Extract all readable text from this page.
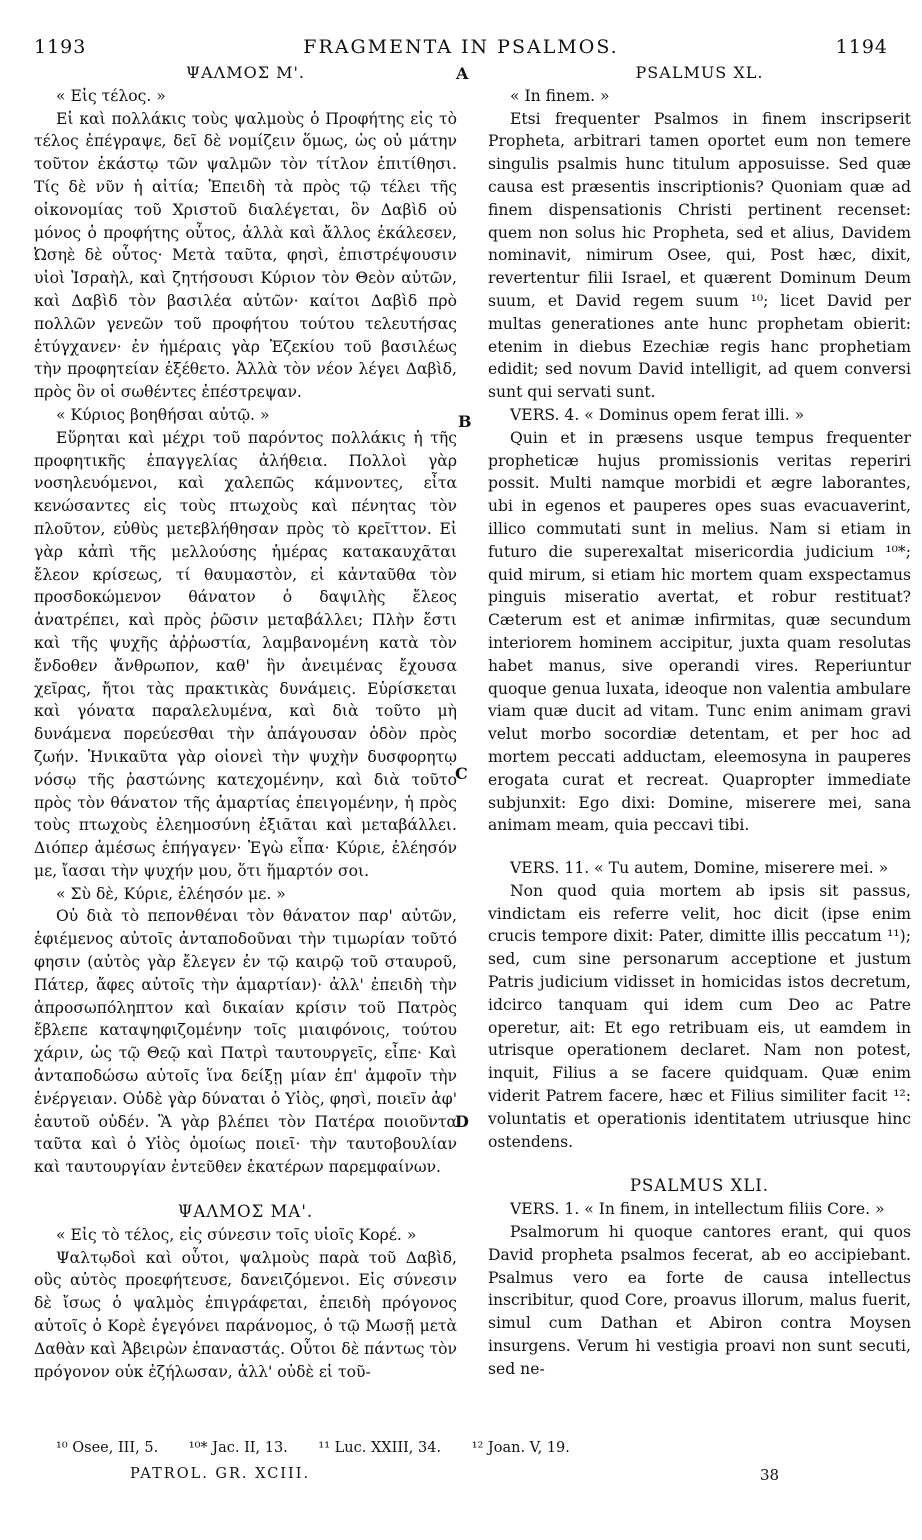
1193	FRAGMENTA IN PSALMOS.	1194

ΨΑΛΜΟΣ Μ'.

« Εἰς τέλος. »

Εἰ καὶ πολλάκις τοὺς ψαλμοὺς ὁ Προφήτης εἰς τὸ τέλος ἐπέγραψε, δεῖ δὲ νομίζειν ὅμως, ὡς οὐ μάτην τοῦτον ἑκάστῳ τῶν ψαλμῶν τὸν τίτλον ἐπιτίθησι. Τίς δὲ νῦν ἡ αἰτία; Ἐπειδὴ τὰ πρὸς τῷ τέλει τῆς οἰκονομίας τοῦ Χριστοῦ διαλέγεται, ὃν Δαβὶδ οὐ μόνος ὁ προφήτης οὗτος, ἀλλὰ καὶ ἄλλος ἐκάλεσεν, Ὠσηὲ δὲ οὗτος· Μετὰ ταῦτα, φησὶ, ἐπιστρέψουσιν υἱοὶ Ἰσραὴλ, καὶ ζητήσουσι Κύριον τὸν Θεὸν αὐτῶν, καὶ Δαβὶδ τὸν βασιλέα αὐτῶν· καίτοι Δαβὶδ πρὸ πολλῶν γενεῶν τοῦ προφήτου τούτου τελευτήσας ἐτύγχανεν· ἐν ἡμέραις γὰρ Ἐζεκίου τοῦ βασιλέως τὴν προφητείαν ἐξέθετο. Ἀλλὰ τὸν νέον λέγει Δαβὶδ, πρὸς ὃν οἱ σωθέντες ἐπέστρεψαν.

« Κύριος βοηθήσαι αὐτῷ. »

Εὕρηται καὶ μέχρι τοῦ παρόντος πολλάκις ἡ τῆς προφητικῆς ἐπαγγελίας ἀλήθεια. Πολλοὶ γὰρ νοσηλευόμενοι, καὶ χαλεπῶς κάμνοντες, εἶτα κενώσαντες εἰς τοὺς πτωχοὺς καὶ πένητας τὸν πλοῦτον, εὐθὺς μετεβλήθησαν πρὸς τὸ κρεῖττον. Εἰ γὰρ κἀπὶ τῆς μελλούσης ἡμέρας κατακαυχᾶται ἔλεον κρίσεως, τί θαυμαστὸν, εἰ κἀνταῦθα τὸν προσδοκώμενον θάνατον ὁ δαψιλὴς ἔλεος ἀνατρέπει, καὶ πρὸς ῥῶσιν μεταβάλλει; Πλὴν ἔστι καὶ τῆς ψυχῆς ἀῤῥωστία, λαμβανομένη κατὰ τὸν ἔνδοθεν ἄνθρωπον, καθ' ἣν ἀνειμένας ἔχουσα χεῖρας, ἤτοι τὰς πρακτικὰς δυνάμεις. Εὑρίσκεται καὶ γόνατα παραλελυμένα, καὶ διὰ τοῦτο μὴ δυνάμενα πορεύεσθαι τὴν ἀπάγουσαν ὁδὸν πρὸς ζωήν. Ἡνικαῦτα γὰρ οἱονεὶ τὴν ψυχὴν δυσφορητῳ νόσῳ τῆς ῥαστώνης κατεχομένην, καὶ διὰ τοῦτο πρὸς τὸν θάνατον τῆς ἁμαρτίας ἐπειγομένην, ἡ πρὸς τοὺς πτωχοὺς ἐλεημοσύνη ἐξιᾶται καὶ μεταβάλλει. Διόπερ ἀμέσως ἐπήγαγεν· Ἐγὼ εἶπα· Κύριε, ἐλέησόν με, ἴασαι τὴν ψυχήν μου, ὅτι ἥμαρτόν σοι.

« Σὺ δὲ, Κύριε, ἐλέησόν με. »

Οὐ διὰ τὸ πεπονθέναι τὸν θάνατον παρ' αὐτῶν, ἐφιέμενος αὐτοῖς ἀνταποδοῦναι τὴν τιμωρίαν τοῦτό φησιν (αὐτὸς γὰρ ἔλεγεν ἐν τῷ καιρῷ τοῦ σταυροῦ, Πάτερ, ἄφες αὐτοῖς τὴν ἁμαρτίαν)· ἀλλ' ἐπειδὴ τὴν ἀπροσωπόληπτον καὶ δικαίαν κρίσιν τοῦ Πατρὸς ἔβλεπε καταψηφιζομένην τοῖς μιαιφόνοις, τούτου χάριν, ὡς τῷ Θεῷ καὶ Πατρὶ ταυτουργεῖς, εἶπε· Καὶ ἀνταποδώσω αὐτοῖς ἵνα δείξῃ μίαν ἐπ' ἀμφοῖν τὴν ἐνέργειαν. Οὐδὲ γὰρ δύναται ὁ Υἱὸς, φησὶ, ποιεῖν ἀφ' ἑαυτοῦ οὐδέν. Ἃ γὰρ βλέπει τὸν Πατέρα ποιοῦντα ταῦτα καὶ ὁ Υἱὸς ὁμοίως ποιεῖ· τὴν ταυτοβουλίαν καὶ ταυτουργίαν ἐντεῦθεν ἑκατέρων παρεμφαίνων.

ΨΑΛΜΟΣ ΜΑ'.

« Εἰς τὸ τέλος, εἰς σύνεσιν τοῖς υἱοῖς Κορέ. »

Ψαλτῳδοὶ καὶ οὗτοι, ψαλμοὺς παρὰ τοῦ Δαβὶδ, οὓς αὐτὸς προεφήτευσε, δανειζόμενοι. Εἰς σύνεσιν δὲ ἴσως ὁ ψαλμὸς ἐπιγράφεται, ἐπειδὴ πρόγονος αὐτοῖς ὁ Κορὲ ἐγεγόνει παράνομος, ὁ τῷ Μωσῇ μετὰ Δαθὰν καὶ Ἀβειρὼν ἐπαναστάς. Οὗτοι δὲ πάντως τὸν πρόγονον οὐκ ἐζήλωσαν, ἀλλ' οὐδὲ εἰ τοῦ-

PSALMUS XL.

« In finem. »

Etsi frequenter Psalmos in finem inscripserit Propheta, arbitrari tamen oportet eum non temere singulis psalmis hunc titulum apposuisse. Sed quæ causa est præsentis inscriptionis? Quoniam quæ ad finem dispensationis Christi pertinent recenset: quem non solus hic Propheta, sed et alius, Davidem nominavit, nimirum Osee, qui, Post hæc, dixit, revertentur filii Israel, et quærent Dominum Deum suum, et David regem suum ¹⁰; licet David per multas generationes ante hunc prophetam obierit: etenim in diebus Ezechiæ regis hanc prophetiam edidit; sed novum David intelligit, ad quem conversi sunt qui servati sunt.

VERS. 4. « Dominus opem ferat illi. »

Quin et in præsens usque tempus frequenter propheticæ hujus promissionis veritas reperiri possit. Multi namque morbidi et ægre laborantes, ubi in egenos et pauperes opes suas evacuaverint, illico commutati sunt in melius. Nam si etiam in futuro die superexaltat misericordia judicium ¹⁰*; quid mirum, si etiam hic mortem quam exspectamus pinguis miseratio avertat, et robur restituat? Cæterum est et animæ infirmitas, quæ secundum interiorem hominem accipitur, juxta quam resolutas habet manus, sive operandi vires. Reperiuntur quoque genua luxata, ideoque non valentia ambulare viam quæ ducit ad vitam. Tunc enim animam gravi velut morbo socordiæ detentam, et per hoc ad mortem peccati adductam, eleemosyna in pauperes erogata curat et recreat. Quapropter immediate subjunxit: Ego dixi: Domine, miserere mei, sana animam meam, quia peccavi tibi.

VERS. 11. « Tu autem, Domine, miserere mei. »

Non quod quia mortem ab ipsis sit passus, vindictam eis referre velit, hoc dicit (ipse enim crucis tempore dixit: Pater, dimitte illis peccatum ¹¹); sed, cum sine personarum acceptione et justum Patris judicium vidisset in homicidas istos decretum, idcirco tanquam qui idem cum Deo ac Patre operetur, ait: Et ego retribuam eis, ut eamdem in utrisque operationem declaret. Nam non potest, inquit, Filius a se facere quidquam. Quæ enim viderit Patrem facere, hæc et Filius similiter facit ¹²: voluntatis et operationis identitatem utriusque hinc ostendens.

PSALMUS XLI.

VERS. 1. « In finem, in intellectum filiis Core. »

Psalmorum hi quoque cantores erant, qui quos David propheta psalmos fecerat, ab eo accipiebant. Psalmus vero ea forte de causa intellectus inscribitur, quod Core, proavus illorum, malus fuerit, simul cum Dathan et Abiron contra Moysen insurgens. Verum hi vestigia proavi non sunt secuti, sed ne-

A
B
C
D
¹⁰ Osee, III, 5. ¹⁰* Jac. II, 13. ¹¹ Luc. XXIII, 34. ¹² Joan. V, 19.
PATROL. GR. XCIII.	38
